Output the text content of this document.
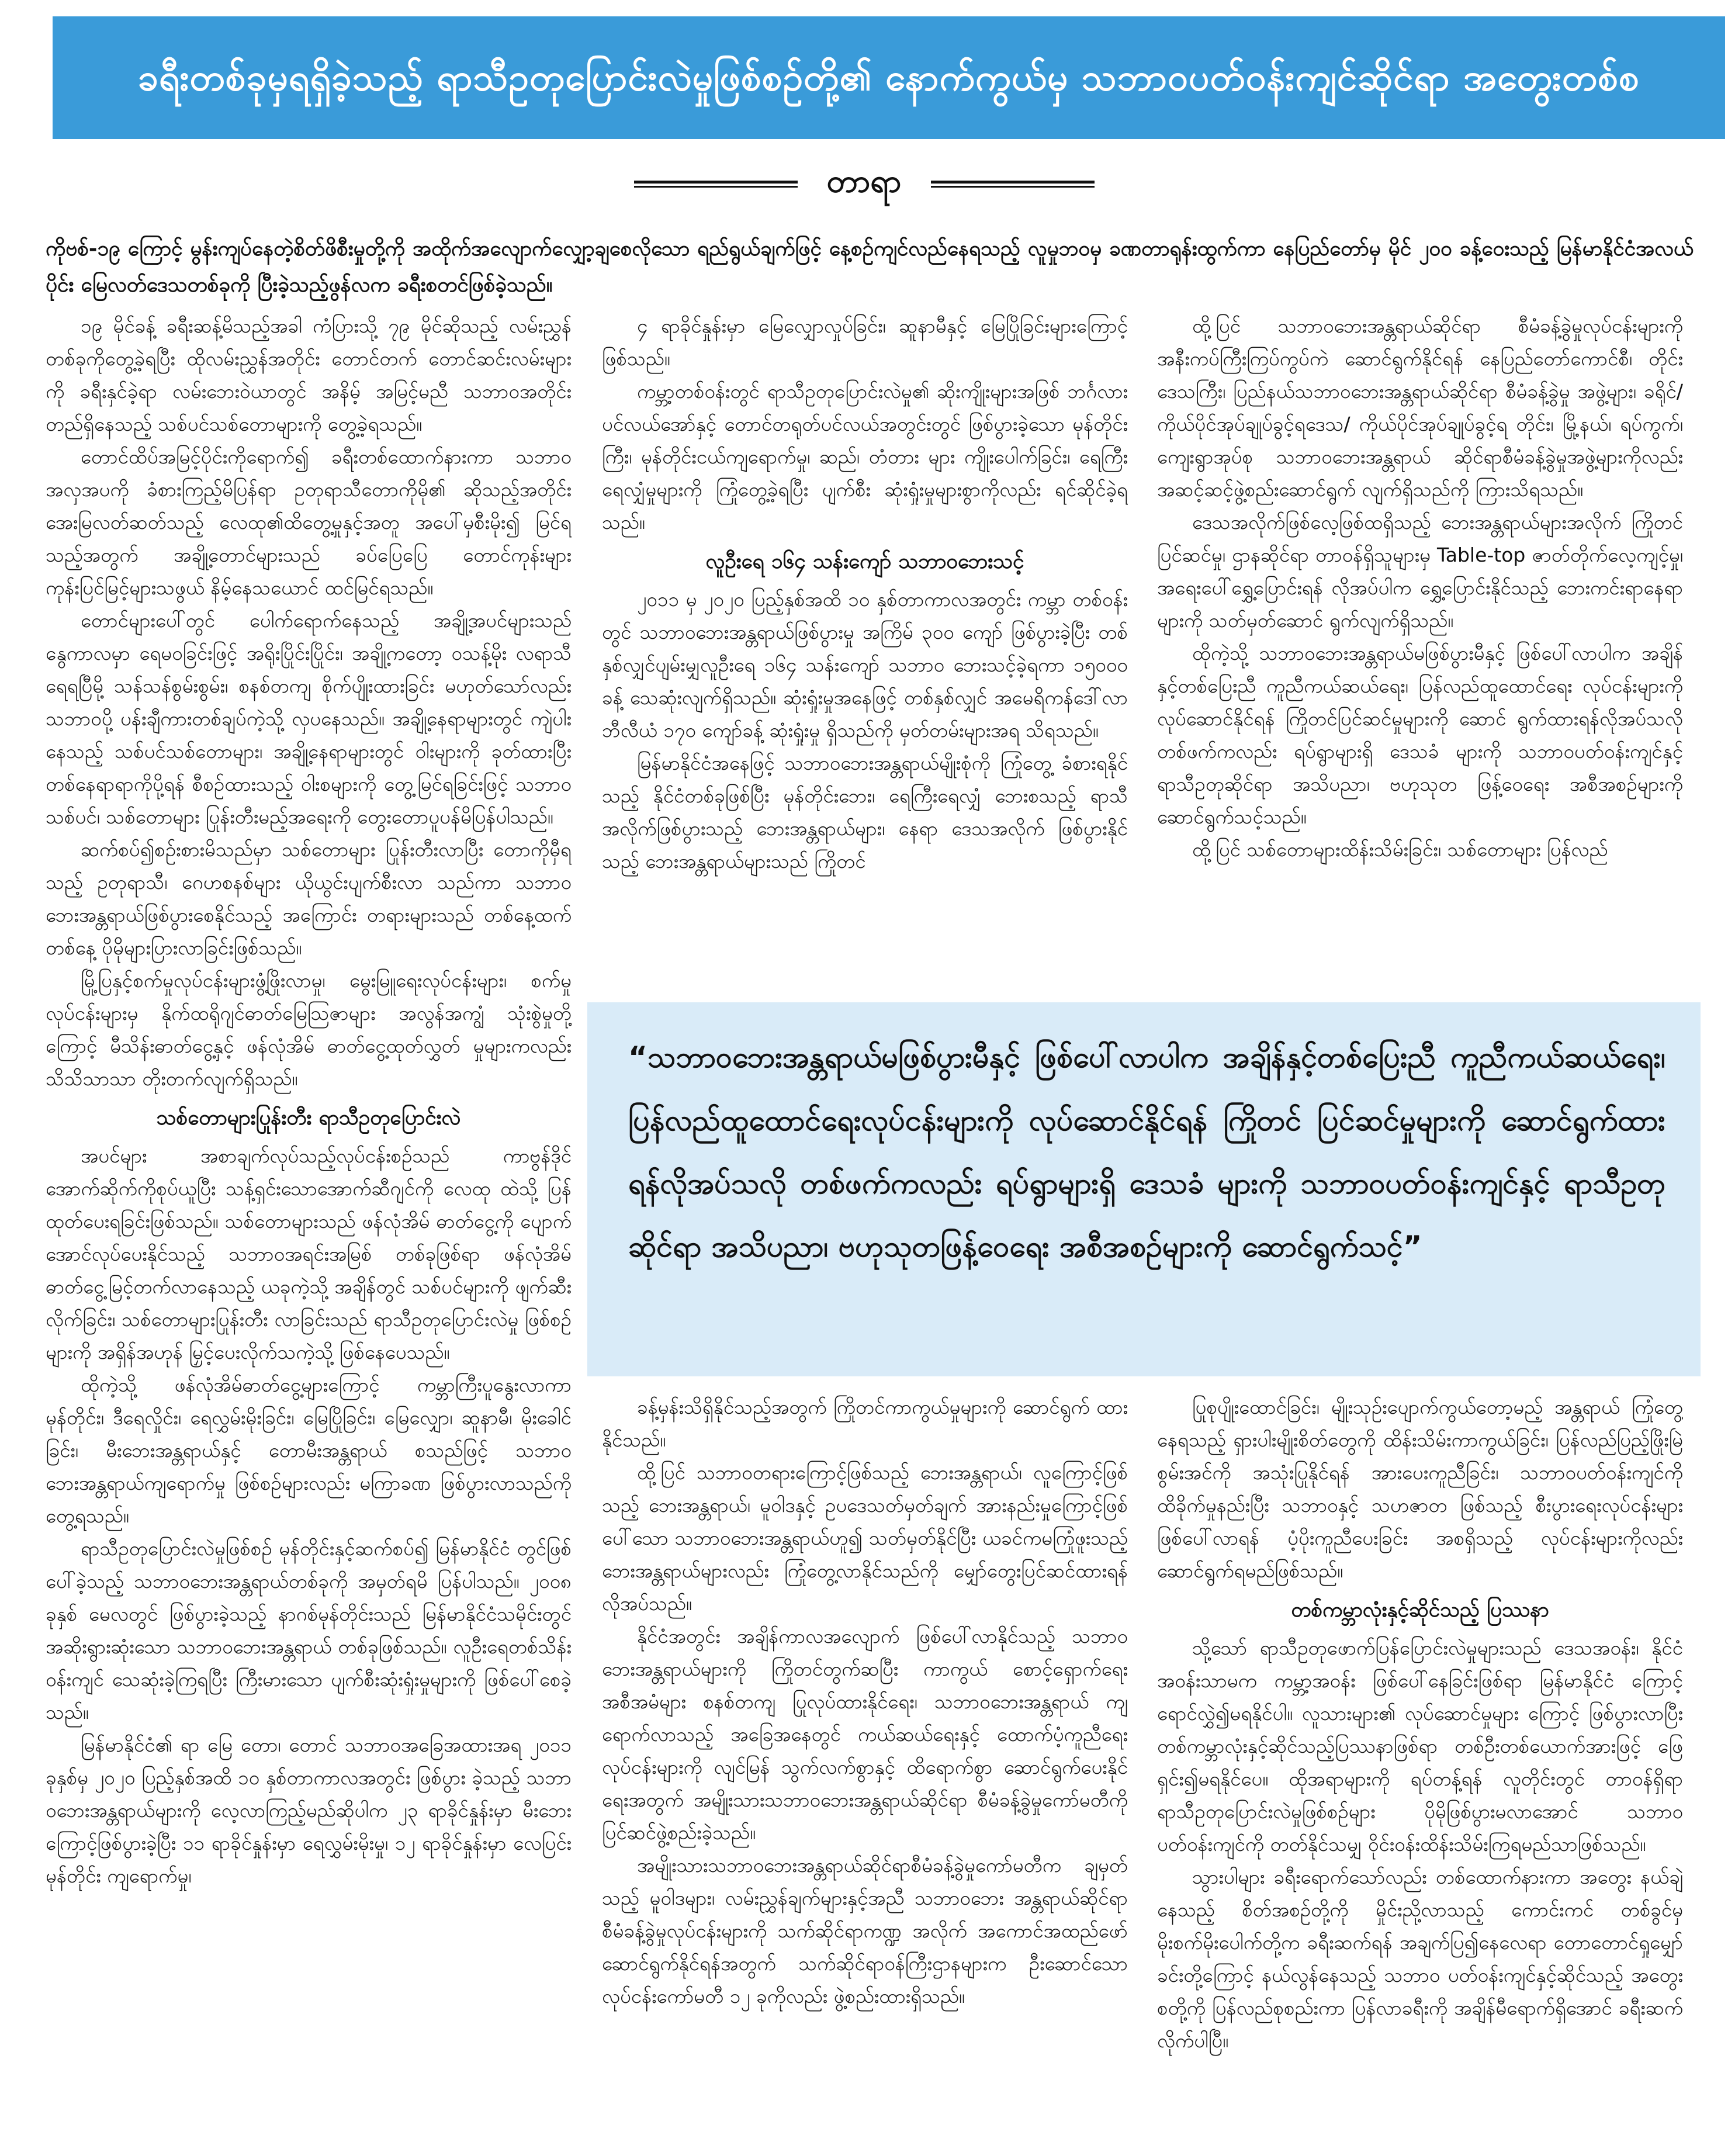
ခရီးတစ်ခုမှရရှိခဲ့သည့် ရာသီဥတုပြောင်းလဲမှုဖြစ်စဉ်တို့၏ နောက်ကွယ်မှ သဘာဝပတ်ဝန်းကျင်ဆိုင်ရာ အတွေးတစ်စ
တာရာ
ကိုဗစ်-၁၉ ကြောင့် မွန်းကျပ်နေတဲ့စိတ်ဖိစီးမှုတို့ကို အထိုက်အလျောက်လျှော့ချစေလိုသော ရည်ရွယ်ချက်ဖြင့် နေ့စဉ်ကျင်လည်နေရသည့် လူမှုဘဝမှ ခဏတာရုန်းထွက်ကာ နေပြည်တော်မှ မိုင် ၂၀၀ ခန့်ဝေးသည့် မြန်မာနိုင်ငံအလယ်ပိုင်း မြေလတ်ဒေသတစ်ခုကို ပြီးခဲ့သည့်ဖွန်လက ခရီးစတင်ဖြစ်ခဲ့သည်။

၁၉ မိုင်ခန့် ခရီးဆန့်မိသည့်အခါ ကံပြားသို့ ၇၉ မိုင်ဆိုသည့် လမ်းညွှန်တစ်ခုကိုတွေ့ခဲ့ရပြီး ထိုလမ်းညွှန်အတိုင်း တောင်တက် တောင်ဆင်းလမ်းများကို ခရီးနှင်ခဲ့ရာ လမ်းဘေးဝဲယာတွင် အနိမ့် အမြင့်မညီ သဘာဝအတိုင်းတည်ရှိနေသည့် သစ်ပင်သစ်တောများကို တွေ့ခဲ့ရသည်။

တောင်ထိပ်အမြင့်ပိုင်းကိုရောက်၍ ခရီးတစ်ထောက်နားကာ သဘာဝအလှအပကို ခံစားကြည့်မိပြန်ရာ ဥတုရာသီတောကိုမို၏ ဆိုသည့်အတိုင်း အေးမြလတ်ဆတ်သည့် လေထု၏ထိတွေ့မှုနှင့်အတူ အပေါ်မှစီးမိုး၍ မြင်ရသည့်အတွက် အချို့တောင်များသည် ခပ်ပြေပြေ တောင်ကုန်းများ ကုန်းပြင်မြင့်များသဖွယ် နိမ့်နေသယောင် ထင်မြင်ရသည်။

တောင်များပေါ်တွင် ပေါက်ရောက်နေသည့် အချို့အပင်များသည် နွေကာလမှာ ရေမဝခြင်းဖြင့် အရိုးပြိုင်းပြိုင်း၊ အချို့ကတော့ ဝသန့်မိုး လရာသီ ရေရပြီမို့ သန်သန်စွမ်းစွမ်း၊ စနစ်တကျ စိုက်ပျိုးထားခြင်း မဟုတ်သော်လည်း သဘာဝပို့ ပန်းချီကားတစ်ချပ်ကဲ့သို့ လှပနေသည်။ အချို့နေရာများတွင် ကျဲပါးနေသည့် သစ်ပင်သစ်တောများ၊ အချို့နေရာများတွင် ဝါးများကို ခုတ်ထားပြီး တစ်နေရာရာကိုပို့ရန် စီစဉ်ထားသည့် ဝါးစများကို တွေ့မြင်ရခြင်းဖြင့် သဘာဝသစ်ပင်၊ သစ်တောများ ပြုန်းတီးမည့်အရေးကို တွေးတောပူပန်မိပြန်ပါသည်။

ဆက်စပ်၍စဉ်းစားမိသည်မှာ သစ်တောများ ပြုန်းတီးလာပြီး တောကိုမှီရသည့် ဥတုရာသီ၊ ဂေဟစနစ်များ ယိုယွင်းပျက်စီးလာ သည်ကာ သဘာဝဘေးအန္တရာယ်ဖြစ်ပွားစေနိုင်သည့် အကြောင်း တရားများသည် တစ်နေ့ထက်တစ်နေ့ ပိုမိုများပြားလာခြင်းဖြစ်သည်။

မြို့ပြနှင့်စက်မှုလုပ်ငန်းများဖွံ့ဖြိုးလာမှု၊ မွေးမြူရေးလုပ်ငန်းများ၊ စက်မှုလုပ်ငန်းများမှ နိုက်ထရိုဂျင်ဓာတ်မြေဩဇာများ အလွန်အကျွံ သုံးစွဲမှုတို့ကြောင့် မီသိန်းဓာတ်ငွေ့နှင့် ဖန်လုံအိမ် ဓာတ်ငွေ့ထုတ်လွှတ် မှုများကလည်း သိသိသာသာ တိုးတက်လျက်ရှိသည်။

သစ်တောများပြုန်းတီး ရာသီဥတုပြောင်းလဲ

အပင်များ အစာချက်လုပ်သည့်လုပ်ငန်းစဉ်သည် ကာဗွန်ဒိုင် အောက်ဆိုက်ကိုစုပ်ယူပြီး သန့်ရှင်းသောအောက်ဆီဂျင်ကို လေထု ထဲသို့ ပြန်ထုတ်ပေးရခြင်းဖြစ်သည်။ သစ်တောများသည် ဖန်လုံအိမ် ဓာတ်ငွေ့ကို ပျောက်အောင်လုပ်ပေးနိုင်သည့် သဘာဝအရင်းအမြစ် တစ်ခုဖြစ်ရာ ဖန်လုံအိမ်ဓာတ်ငွေ့မြင့်တက်လာနေသည့် ယခုကဲ့သို့ အချိန်တွင် သစ်ပင်များကို ဖျက်ဆီးလိုက်ခြင်း၊ သစ်တောများပြုန်းတီး လာခြင်းသည် ရာသီဥတုပြောင်းလဲမှု ဖြစ်စဉ်များကို အရှိန်အဟုန် မြှင့်ပေးလိုက်သကဲ့သို့ ဖြစ်နေပေသည်။

ထိုကဲ့သို့ ဖန်လုံအိမ်ဓာတ်ငွေ့များကြောင့် ကမ္ဘာကြီးပူနွေးလာကာ မုန်တိုင်း၊ ဒီရေလှိုင်း၊ ရေလွှမ်းမိုးခြင်း၊ မြေပြိုခြင်း၊ မြေလျှော၊ ဆူနာမီ၊ မိုးခေါင်ခြင်း၊ မီးဘေးအန္တရာယ်နှင့် တောမီးအန္တရာယ် စသည်ဖြင့် သဘာဝဘေးအန္တရာယ်ကျရောက်မှု ဖြစ်စဉ်များလည်း မကြာခဏ ဖြစ်ပွားလာသည်ကို တွေ့ရသည်။

ရာသီဥတုပြောင်းလဲမှုဖြစ်စဉ် မုန်တိုင်းနှင့်ဆက်စပ်၍ မြန်မာနိုင်ငံ တွင်ဖြစ်ပေါ်ခဲ့သည့် သဘာဝဘေးအန္တရာယ်တစ်ခုကို အမှတ်ရမိ ပြန်ပါသည်။ ၂၀၀၈ ခုနှစ် မေလတွင် ဖြစ်ပွားခဲ့သည့် နာဂစ်မုန်တိုင်းသည် မြန်မာနိုင်ငံသမိုင်းတွင် အဆိုးရွားဆုံးသော သဘာဝဘေးအန္တရာယ် တစ်ခုဖြစ်သည်။ လူဦးရေတစ်သိန်းဝန်းကျင် သေဆုံးခဲ့ကြရပြီး ကြီးမားသော ပျက်စီးဆုံးရှုံးမှုများကို ဖြစ်ပေါ်စေခဲ့သည်။

မြန်မာနိုင်ငံ၏ ရာ မြေ တော၊ တောင် သဘာဝအခြေအထားအရ ၂၀၁၁ ခုနှစ်မှ ၂၀၂၀ ပြည့်နှစ်အထိ ၁၀ နှစ်တာကာလအတွင်း ဖြစ်ပွား ခဲ့သည့် သဘာဝဘေးအန္တရာယ်များကို လေ့လာကြည့်မည်ဆိုပါက ၂၃ ရာခိုင်နှုန်းမှာ မီးဘေးကြောင့်ဖြစ်ပွားခဲ့ပြီး ၁၁ ရာခိုင်နှုန်းမှာ ရေလွှမ်းမိုးမှု၊ ၁၂ ရာခိုင်နှုန်းမှာ လေပြင်းမုန်တိုင်း ကျရောက်မှု၊

၄ ရာခိုင်နှုန်းမှာ မြေလျှောလှုပ်ခြင်း၊ ဆူနာမီနှင့် မြေပြိုခြင်းများကြောင့် ဖြစ်သည်။

ကမ္ဘာ့တစ်ဝန်းတွင် ရာသီဥတုပြောင်းလဲမှု၏ ဆိုးကျိုးများအဖြစ် ဘင်္ဂလားပင်လယ်အော်နှင့် တောင်တရုတ်ပင်လယ်အတွင်းတွင် ဖြစ်ပွားခဲ့သော မုန်တိုင်းကြီး၊ မုန်တိုင်းငယ်ကျရောက်မှု၊ ဆည်၊ တံတား များ ကျိုးပေါက်ခြင်း၊ ရေကြီးရေလျှံမှုများကို ကြုံတွေ့ခဲ့ရပြီး ပျက်စီး ဆုံးရှုံးမှုများစွာကိုလည်း ရင်ဆိုင်ခဲ့ရသည်။

လူဦးရေ ၁၆၄ သန်းကျော် သဘာဝဘေးသင့်

၂၀၁၁ မှ ၂၀၂၀ ပြည့်နှစ်အထိ ၁၀ နှစ်တာကာလအတွင်း ကမ္ဘာ တစ်ဝန်းတွင် သဘာဝဘေးအန္တရာယ်ဖြစ်ပွားမှု အကြိမ် ၃၀၀ ကျော် ဖြစ်ပွားခဲ့ပြီး တစ်နှစ်လျှင်ပျမ်းမျှလူဦးရေ ၁၆၄ သန်းကျော် သဘာဝ ဘေးသင့်ခဲ့ရကာ ၁၅၀၀၀ ခန့် သေဆုံးလျက်ရှိသည်။ ဆုံးရှုံးမှုအနေဖြင့် တစ်နှစ်လျှင် အမေရိကန်ဒေါ်လာ ဘီလီယံ ၁၇၀ ကျော်ခန့် ဆုံးရှုံးမှု ရှိသည်ကို မှတ်တမ်းများအရ သိရသည်။

မြန်မာနိုင်ငံအနေဖြင့် သဘာဝဘေးအန္တရာယ်မျိုးစုံကို ကြုံတွေ့ ခံစားရနိုင်သည့် နိုင်ငံတစ်ခုဖြစ်ပြီး မုန်တိုင်းဘေး၊ ရေကြီးရေလျှံ ဘေးစသည့် ရာသီအလိုက်ဖြစ်ပွားသည့် ဘေးအန္တရာယ်များ၊ နေရာ ဒေသအလိုက် ဖြစ်ပွားနိုင်သည့် ဘေးအန္တရာယ်များသည် ကြိုတင်

ထို့ပြင် သဘာဝဘေးအန္တရာယ်ဆိုင်ရာ စီမံခန့်ခွဲမှုလုပ်ငန်းများကို အနီးကပ်ကြီးကြပ်ကွပ်ကဲ ဆောင်ရွက်နိုင်ရန် နေပြည်တော်ကောင်စီ၊ တိုင်းဒေသကြီး၊ ပြည်နယ်သဘာဝဘေးအန္တရာယ်ဆိုင်ရာ စီမံခန့်ခွဲမှု အဖွဲ့များ၊ ခရိုင်/ကိုယ်ပိုင်အုပ်ချုပ်ခွင့်ရဒေသ/ ကိုယ်ပိုင်အုပ်ချုပ်ခွင့်ရ တိုင်း၊ မြို့နယ်၊ ရပ်ကွက်၊ ကျေးရွာအုပ်စု သဘာဝဘေးအန္တရာယ် ဆိုင်ရာစီမံခန့်ခွဲမှုအဖွဲ့များကိုလည်း အဆင့်ဆင့်ဖွဲ့စည်းဆောင်ရွက် လျက်ရှိသည်ကို ကြားသိရသည်။

ဒေသအလိုက်ဖြစ်လေ့ဖြစ်ထရှိသည့် ဘေးအန္တရာယ်များအလိုက် ကြိုတင်ပြင်ဆင်မှု၊ ဌာနဆိုင်ရာ တာဝန်ရှိသူများမှ Table-top ဇာတ်တိုက်လေ့ကျင့်မှု၊ အရေးပေါ်ရွှေ့ပြောင်းရန် လိုအပ်ပါက ရွှေ့ပြောင်းနိုင်သည့် ဘေးကင်းရာနေရာများကို သတ်မှတ်ဆောင် ရွက်လျက်ရှိသည်။

ထိုကဲ့သို့ သဘာဝဘေးအန္တရာယ်မဖြစ်ပွားမီနှင့် ဖြစ်ပေါ်လာပါက အချိန်နှင့်တစ်ပြေးညီ ကူညီကယ်ဆယ်ရေး၊ ပြန်လည်ထူထောင်ရေး လုပ်ငန်းများကို လုပ်ဆောင်နိုင်ရန် ကြိုတင်ပြင်ဆင်မှုများကို ဆောင် ရွက်ထားရန်လိုအပ်သလို တစ်ဖက်ကလည်း ရပ်ရွာများရှိ ဒေသခံ များကို သဘာဝပတ်ဝန်းကျင်နှင့် ရာသီဥတုဆိုင်ရာ အသိပညာ၊ ဗဟုသုတ ဖြန့်ဝေရေး အစီအစဉ်များကို ဆောင်ရွက်သင့်သည်။

ထို့ပြင် သစ်တောများထိန်းသိမ်းခြင်း၊ သစ်တောများ ပြန်လည်

“သဘာဝဘေးအန္တရာယ်မဖြစ်ပွားမီနှင့် ဖြစ်ပေါ်လာပါက အချိန်နှင့်တစ်ပြေးညီ ကူညီကယ်ဆယ်ရေး၊ ပြန်လည်ထူထောင်ရေးလုပ်ငန်းများကို လုပ်ဆောင်နိုင်ရန် ကြိုတင် ပြင်ဆင်မှုများကို ဆောင်ရွက်ထားရန်လိုအပ်သလို တစ်ဖက်ကလည်း ရပ်ရွာများရှိ ဒေသခံ များကို သဘာဝပတ်ဝန်းကျင်နှင့် ရာသီဥတုဆိုင်ရာ အသိပညာ၊ ဗဟုသုတဖြန့်ဝေရေး အစီအစဉ်များကို ဆောင်ရွက်သင့်”

ခန့်မှန်းသိရှိနိုင်သည့်အတွက် ကြိုတင်ကာကွယ်မှုများကို ဆောင်ရွက် ထားနိုင်သည်။

ထို့ပြင် သဘာဝတရားကြောင့်ဖြစ်သည့် ဘေးအန္တရာယ်၊ လူကြောင့်ဖြစ်သည့် ဘေးအန္တရာယ်၊ မူဝါဒနှင့် ဥပဒေသတ်မှတ်ချက် အားနည်းမှုကြောင့်ဖြစ်ပေါ်သော သဘာဝဘေးအန္တရာယ်ဟူ၍ သတ်မှတ်နိုင်ပြီး ယခင်ကမကြုံဖူးသည့် ဘေးအန္တရာယ်များလည်း ကြုံတွေ့လာနိုင်သည်ကို မျှော်တွေးပြင်ဆင်ထားရန် လိုအပ်သည်။

နိုင်ငံအတွင်း အချိန်ကာလအလျောက် ဖြစ်ပေါ်လာနိုင်သည့် သဘာဝဘေးအန္တရာယ်များကို ကြိုတင်တွက်ဆပြီး ကာကွယ် စောင့်ရှောက်ရေးအစီအမံများ စနစ်တကျ ပြုလုပ်ထားနိုင်ရေး၊ သဘာဝဘေးအန္တရာယ် ကျရောက်လာသည့် အခြေအနေတွင် ကယ်ဆယ်ရေးနှင့် ထောက်ပံ့ကူညီရေးလုပ်ငန်းများကို လျင်မြန် သွက်လက်စွာနှင့် ထိရောက်စွာ ဆောင်ရွက်ပေးနိုင်ရေးအတွက် အမျိုးသားသဘာဝဘေးအန္တရာယ်ဆိုင်ရာ စီမံခန့်ခွဲမှုကော်မတီကို ပြင်ဆင်ဖွဲ့စည်းခဲ့သည်။

အမျိုးသားသဘာဝဘေးအန္တရာယ်ဆိုင်ရာစီမံခန့်ခွဲမှုကော်မတီက ချမှတ်သည့် မူဝါဒများ၊ လမ်းညွှန်ချက်များနှင့်အညီ သဘာဝဘေး အန္တရာယ်ဆိုင်ရာ စီမံခန့်ခွဲမှုလုပ်ငန်းများကို သက်ဆိုင်ရာကဏ္ဍ အလိုက် အကောင်အထည်ဖော် ဆောင်ရွက်နိုင်ရန်အတွက် သက်ဆိုင်ရာဝန်ကြီးဌာနများက ဦးဆောင်သော လုပ်ငန်းကော်မတီ ၁၂ ခုကိုလည်း ဖွဲ့စည်းထားရှိသည်။

ပြုစုပျိုးထောင်ခြင်း၊ မျိုးသုဉ်းပျောက်ကွယ်တော့မည့် အန္တရာယ် ကြုံတွေ့နေရသည့် ရှားပါးမျိုးစိတ်တွေကို ထိန်းသိမ်းကာကွယ်ခြင်း၊ ပြန်လည်ပြည့်ဖြိုးမြဲစွမ်းအင်ကို အသုံးပြုနိုင်ရန် အားပေးကူညီခြင်း၊ သဘာဝပတ်ဝန်းကျင်ကို ထိခိုက်မှုနည်းပြီး သဘာဝနှင့် သဟဇာတ ဖြစ်သည့် စီးပွားရေးလုပ်ငန်းများ ဖြစ်ပေါ်လာရန် ပံ့ပိုးကူညီပေးခြင်း အစရှိသည့် လုပ်ငန်းများကိုလည်း ဆောင်ရွက်ရမည်ဖြစ်သည်။

တစ်ကမ္ဘာလုံးနှင့်ဆိုင်သည့် ပြဿနာ

သို့သော် ရာသီဥတုဖောက်ပြန်ပြောင်းလဲမှုများသည် ဒေသအဝန်း၊ နိုင်ငံအဝန်းသာမက ကမ္ဘာ့အဝန်း ဖြစ်ပေါ်နေခြင်းဖြစ်ရာ မြန်မာနိုင်ငံ ကြောင့် ရောင်လွှဲ၍မရနိုင်ပါ။ လူသားများ၏ လုပ်ဆောင်မှုများ ကြောင့် ဖြစ်ပွားလာပြီး တစ်ကမ္ဘာလုံးနှင့်ဆိုင်သည့်ပြဿနာဖြစ်ရာ တစ်ဦးတစ်ယောက်အားဖြင့် ဖြေရှင်း၍မရနိုင်ပေ။ ထိုအရာများကို ရပ်တန့်ရန် လူတိုင်းတွင် တာဝန်ရှိရာ ရာသီဥတုပြောင်းလဲမှုဖြစ်စဉ်များ ပိုမိုဖြစ်ပွားမလာအောင် သဘာဝပတ်ဝန်းကျင်ကို တတ်နိုင်သမျှ ဝိုင်းဝန်းထိန်းသိမ်းကြရမည်သာဖြစ်သည်။

သွားပါများ ခရီးရောက်သော်လည်း တစ်ထောက်နားကာ အတွေး နယ်ချဲ့နေသည့် စိတ်အစဉ်တို့ကို မှိုင်းညို့လာသည့် ကောင်းကင် တစ်ခွင်မှ မိုးစက်မိုးပေါက်တို့က ခရီးဆက်ရန် အချက်ပြ၍နေလေရာ တောတောင်ရှုမျှော်ခင်းတို့ကြောင့် နယ်လွန်နေသည့် သဘာဝ ပတ်ဝန်းကျင်နှင့်ဆိုင်သည့် အတွေးစတို့ကို ပြန်လည်စုစည်းကာ ပြန်လာခရီးကို အချိန်မီရောက်ရှိအောင် ခရီးဆက်လိုက်ပါပြီ။
